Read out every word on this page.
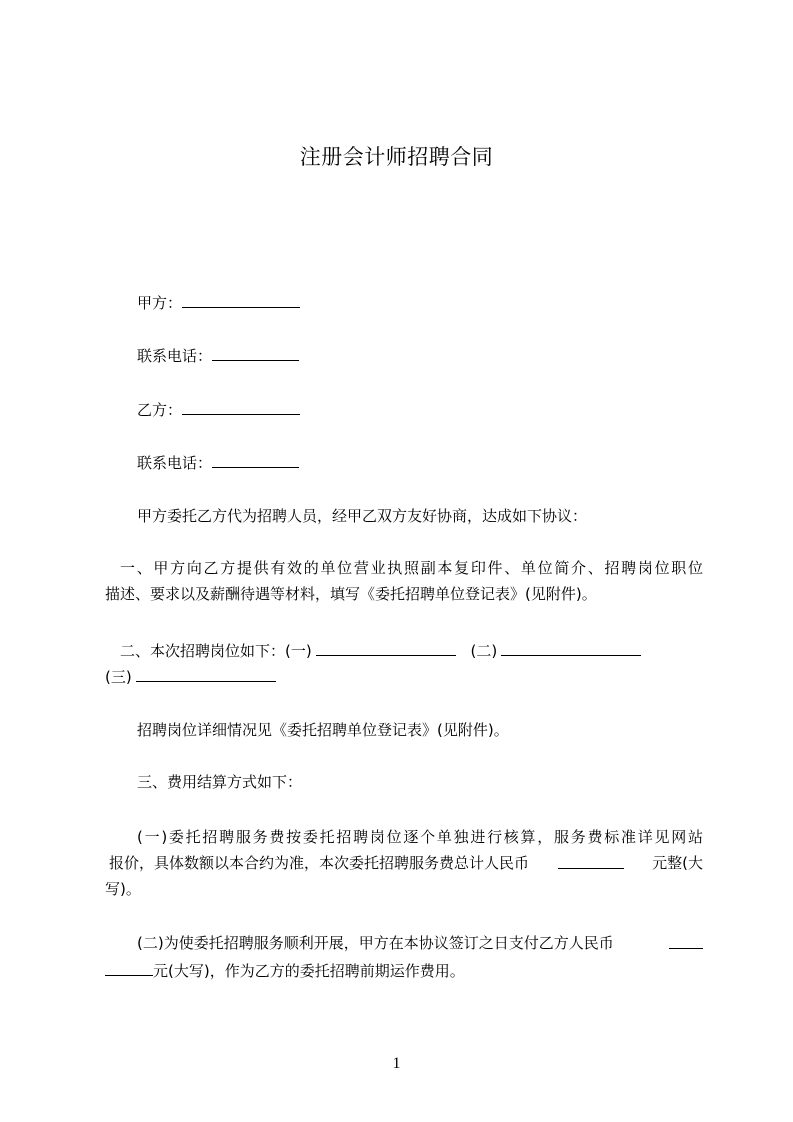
注册会计师招聘合同
甲方：
联系电话：
乙方：
联系电话：
甲方委托乙方代为招聘人员，经甲乙双方友好协商，达成如下协议：
一、甲方向乙方提供有效的单位营业执照副本复印件、单位简介、招聘岗位职位
描述、要求以及薪酬待遇等材料，填写《委托招聘单位登记表》(见附件)。
二、本次招聘岗位如下：(一)	(二)
(三)
招聘岗位详细情况见《委托招聘单位登记表》(见附件)。
三、费用结算方式如下：
(一)委托招聘服务费按委托招聘岗位逐个单独进行核算，服务费标准详见网站
报价，具体数额以本合约为准，本次委托招聘服务费总计人民币	元整(大
写)。
(二)为使委托招聘服务顺利开展，甲方在本协议签订之日支付乙方人民币
元(大写)，作为乙方的委托招聘前期运作费用。
1
